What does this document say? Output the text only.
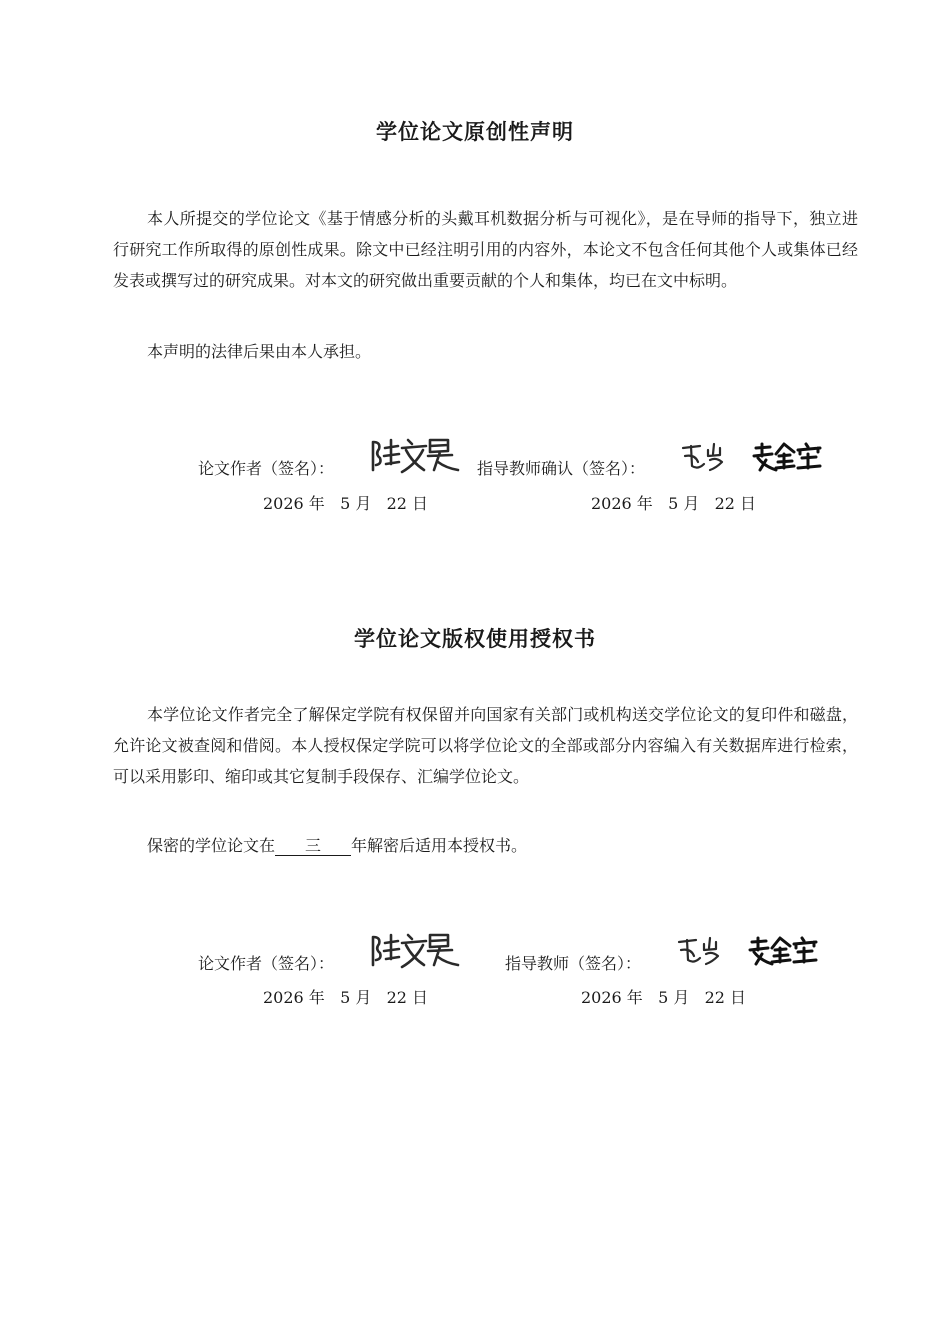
学位论文原创性声明

本人所提交的学位论文《基于情感分析的头戴耳机数据分析与可视化》，是在导师的指导下，独立进行研究工作所取得的原创性成果。除文中已经注明引用的内容外，本论文不包含任何其他个人或集体已经发表或撰写过的研究成果。对本文的研究做出重要贡献的个人和集体，均已在文中标明。

本声明的法律后果由本人承担。

论文作者（签名）：	指导教师确认（签名）：
2026 年   5 月   22 日	2026 年   5 月   22 日
学位论文版权使用授权书

本学位论文作者完全了解保定学院有权保留并向国家有关部门或机构送交学位论文的复印件和磁盘，允许论文被查阅和借阅。本人授权保定学院可以将学位论文的全部或部分内容编入有关数据库进行检索，可以采用影印、缩印或其它复制手段保存、汇编学位论文。

保密的学位论文在 三 年解密后适用本授权书。

论文作者（签名）：	指导教师（签名）：
2026 年   5 月   22 日	2026 年   5 月   22 日
